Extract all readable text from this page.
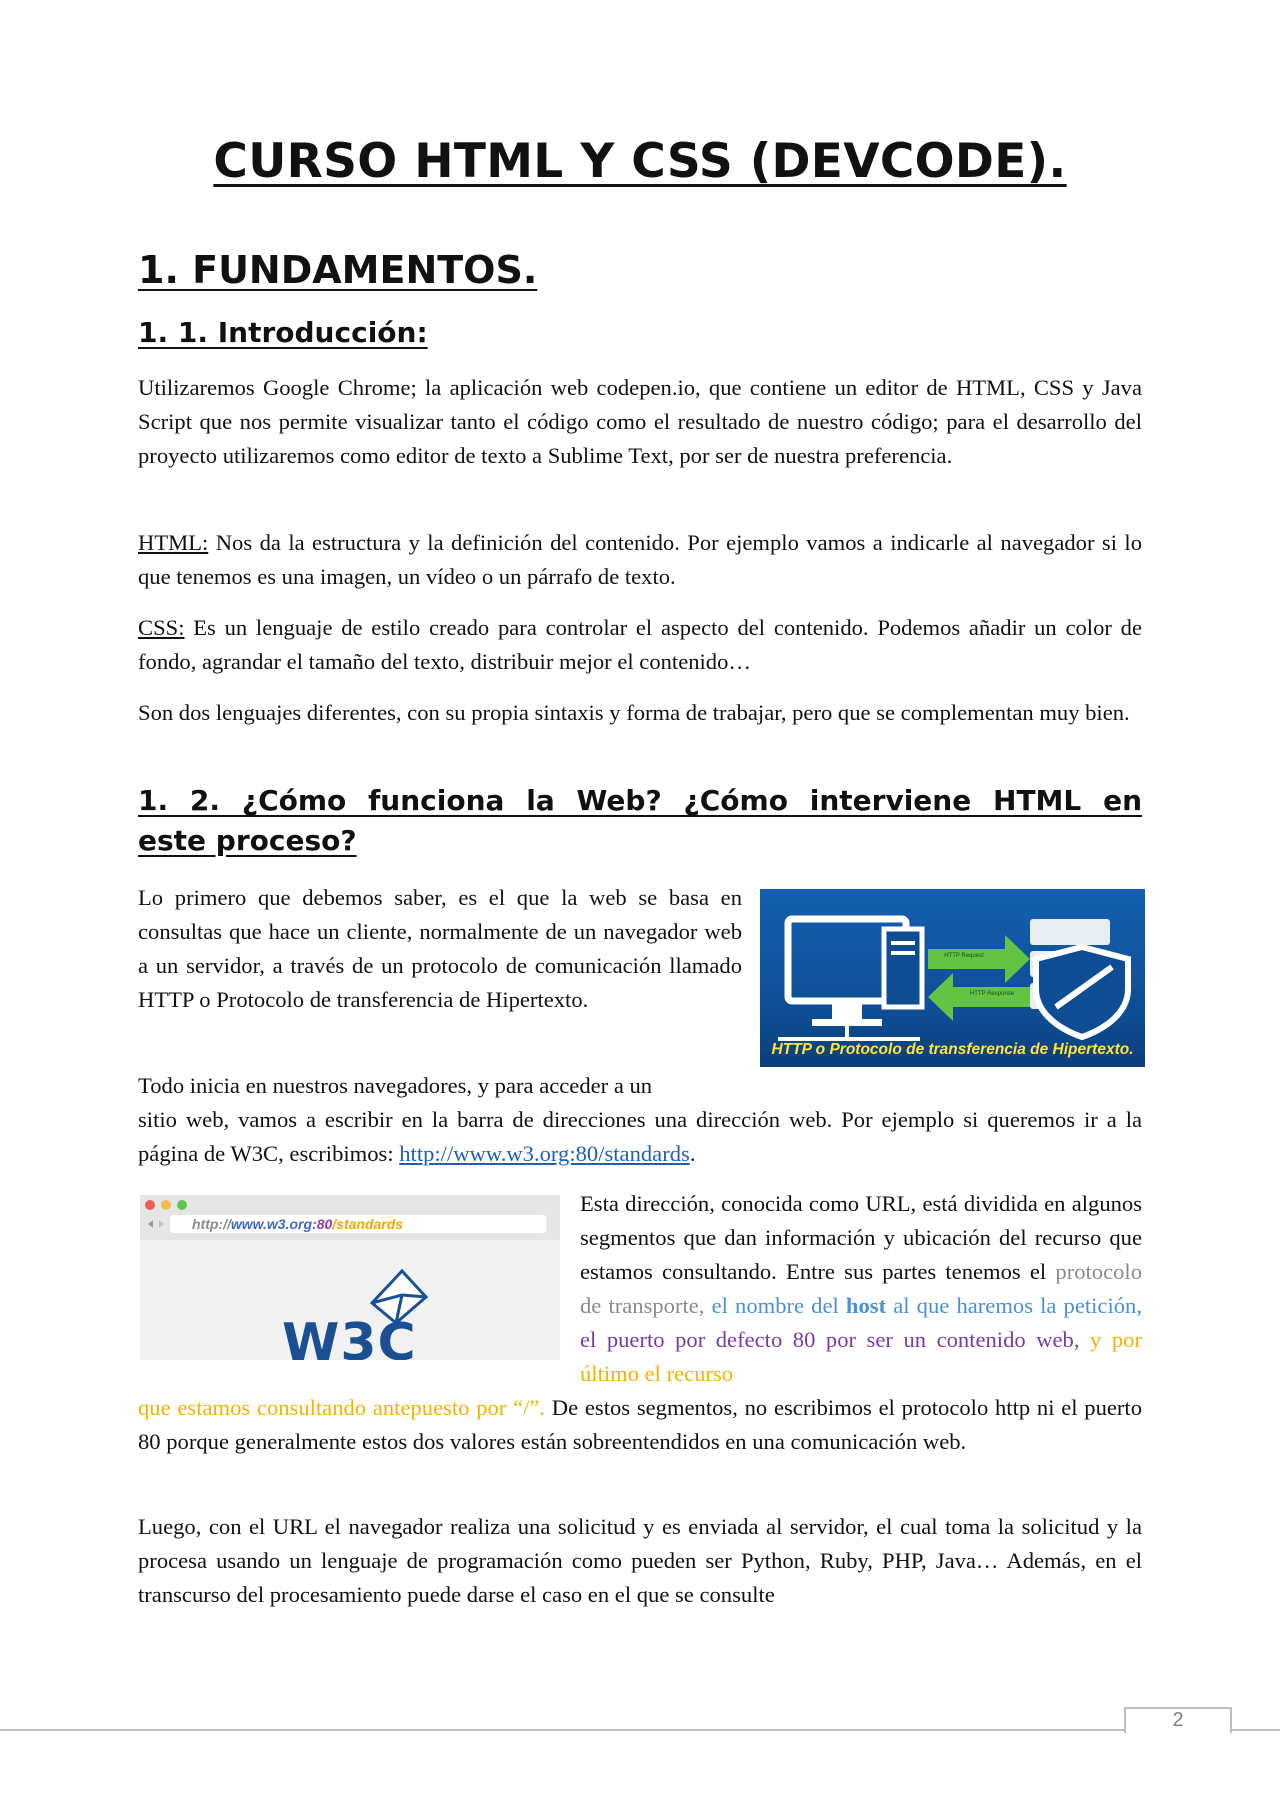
CURSO HTML Y CSS (DEVCODE).
1. FUNDAMENTOS.
1. 1. Introducción:

Utilizaremos Google Chrome; la aplicación web codepen.io, que contiene un editor de HTML, CSS y Java Script que nos permite visualizar tanto el código como el resultado de nuestro código; para el desarrollo del proyecto utilizaremos como editor de texto a Sublime Text, por ser de nuestra preferencia.

HTML: Nos da la estructura y la definición del contenido. Por ejemplo vamos a indicarle al navegador si lo que tenemos es una imagen, un vídeo o un párrafo de texto.

CSS: Es un lenguaje de estilo creado para controlar el aspecto del contenido. Podemos añadir un color de fondo, agrandar el tamaño del texto, distribuir mejor el contenido…

Son dos lenguajes diferentes, con su propia sintaxis y forma de trabajar, pero que se complementan muy bien.

1. 2. ¿Cómo funciona la Web? ¿Cómo interviene HTML en
este proceso?

Lo primero que debemos saber, es el que la web se basa en consultas que hace un cliente, normalmente de un navegador web a un servidor, a través de un protocolo de comunicación llamado HTTP o Protocolo de transferencia de Hipertexto.

HTTP Request
HTTP Response
HTTP o Protocolo de transferencia de Hipertexto.

Todo inicia en nuestros navegadores, y para acceder a un

sitio web, vamos a escribir en la barra de direcciones una dirección web. Por ejemplo si queremos ir a la página de W3C, escribimos: http://www.w3.org:80/standards.

http://www.w3.org:80/standards
W3C

Esta dirección, conocida como URL, está dividida en algunos segmentos que dan información y ubicación del recurso que estamos consultando. Entre sus partes tenemos el protocolo de transporte, el nombre del host al que haremos la petición, el puerto por defecto 80 por ser un contenido web, y por último el recurso

que estamos consultando antepuesto por “/”. De estos segmentos, no escribimos el protocolo http ni el puerto 80 porque generalmente estos dos valores están sobreentendidos en una comunicación web.

Luego, con el URL el navegador realiza una solicitud y es enviada al servidor, el cual toma la solicitud y la procesa usando un lenguaje de programación como pueden ser Python, Ruby, PHP, Java… Además, en el transcurso del procesamiento puede darse el caso en el que se consulte

2
